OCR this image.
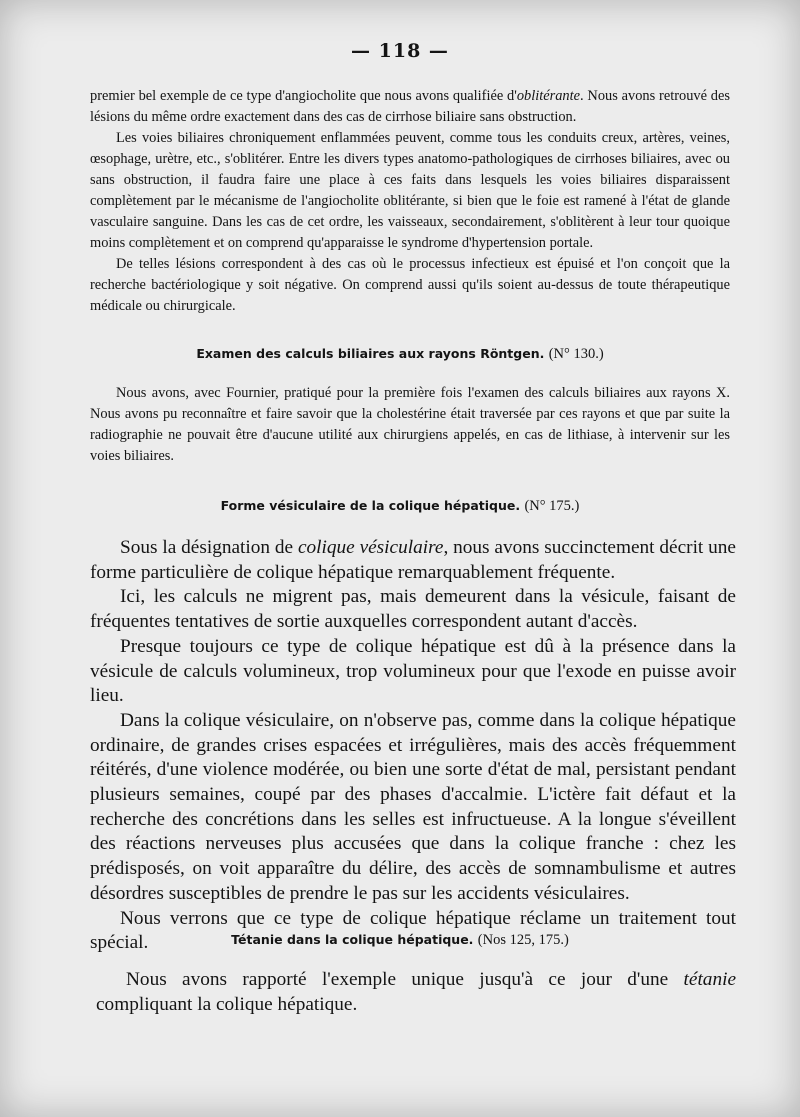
— 118 —

premier bel exemple de ce type d'angiocholite que nous avons qualifiée d'oblitérante. Nous avons retrouvé des lésions du même ordre exactement dans des cas de cirrhose biliaire sans obstruction.

Les voies biliaires chroniquement enflammées peuvent, comme tous les conduits creux, artères, veines, œsophage, urètre, etc., s'oblitérer. Entre les divers types anatomo-pathologiques de cirrhoses biliaires, avec ou sans obstruction, il faudra faire une place à ces faits dans lesquels les voies biliaires disparaissent complètement par le mécanisme de l'angiocholite oblitérante, si bien que le foie est ramené à l'état de glande vasculaire sanguine. Dans les cas de cet ordre, les vaisseaux, secondairement, s'oblitèrent à leur tour quoique moins complètement et on comprend qu'apparaisse le syndrome d'hypertension portale.

De telles lésions correspondent à des cas où le processus infectieux est épuisé et l'on conçoit que la recherche bactériologique y soit négative. On comprend aussi qu'ils soient au-dessus de toute thérapeutique médicale ou chirurgicale.

Examen des calculs biliaires aux rayons Röntgen. (N° 130.)

Nous avons, avec Fournier, pratiqué pour la première fois l'examen des calculs biliaires aux rayons X. Nous avons pu reconnaître et faire savoir que la cholestérine était traversée par ces rayons et que par suite la radiographie ne pouvait être d'aucune utilité aux chirurgiens appelés, en cas de lithiase, à intervenir sur les voies biliaires.

Forme vésiculaire de la colique hépatique. (N° 175.)

Sous la désignation de colique vésiculaire, nous avons succinctement décrit une forme particulière de colique hépatique remarquablement fréquente.

Ici, les calculs ne migrent pas, mais demeurent dans la vésicule, faisant de fréquentes tentatives de sortie auxquelles correspondent autant d'accès.

Presque toujours ce type de colique hépatique est dû à la présence dans la vésicule de calculs volumineux, trop volumineux pour que l'exode en puisse avoir lieu.

Dans la colique vésiculaire, on n'observe pas, comme dans la colique hépatique ordinaire, de grandes crises espacées et irrégulières, mais des accès fréquemment réitérés, d'une violence modérée, ou bien une sorte d'état de mal, persistant pendant plusieurs semaines, coupé par des phases d'accalmie. L'ictère fait défaut et la recherche des concrétions dans les selles est infructueuse. A la longue s'éveillent des réactions nerveuses plus accusées que dans la colique franche : chez les prédisposés, on voit apparaître du délire, des accès de somnambulisme et autres désordres susceptibles de prendre le pas sur les accidents vésiculaires.

Nous verrons que ce type de colique hépatique réclame un traitement tout spécial.	Tétanie dans la colique hépatique. (Nos 125, 175.)

Nous avons rapporté l'exemple unique jusqu'à ce jour d'une tétanie compliquant la colique hépatique.
